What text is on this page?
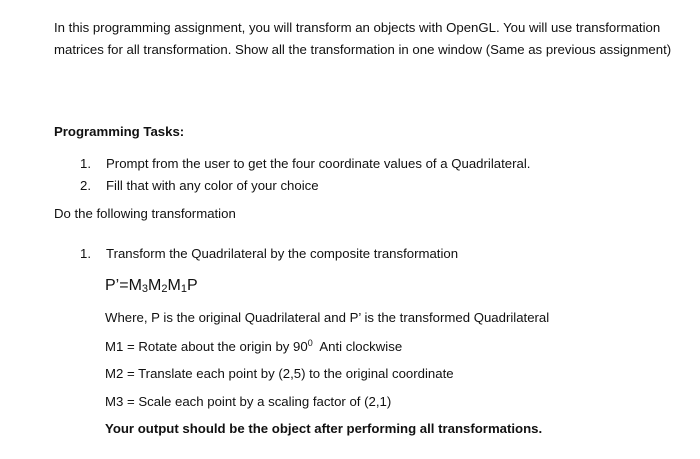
In this programming assignment, you will transform an objects with OpenGL. You will use transformation matrices for all transformation. Show all the transformation in one window (Same as previous assignment)

Programming Tasks:

1. Prompt from the user to get the four coordinate values of a Quadrilateral.
2. Fill that with any color of your choice

Do the following transformation

1. Transform the Quadrilateral by the composite transformation
$P’=M_3M_2M_1P$

Where, P is the original Quadrilateral and P’ is the transformed Quadrilateral

M1 = Rotate about the origin by $90^0$  Anti clockwise

M2 = Translate each point by (2,5) to the original coordinate

M3 = Scale each point by a scaling factor of (2,1)

Your output should be the object after performing all transformations.
